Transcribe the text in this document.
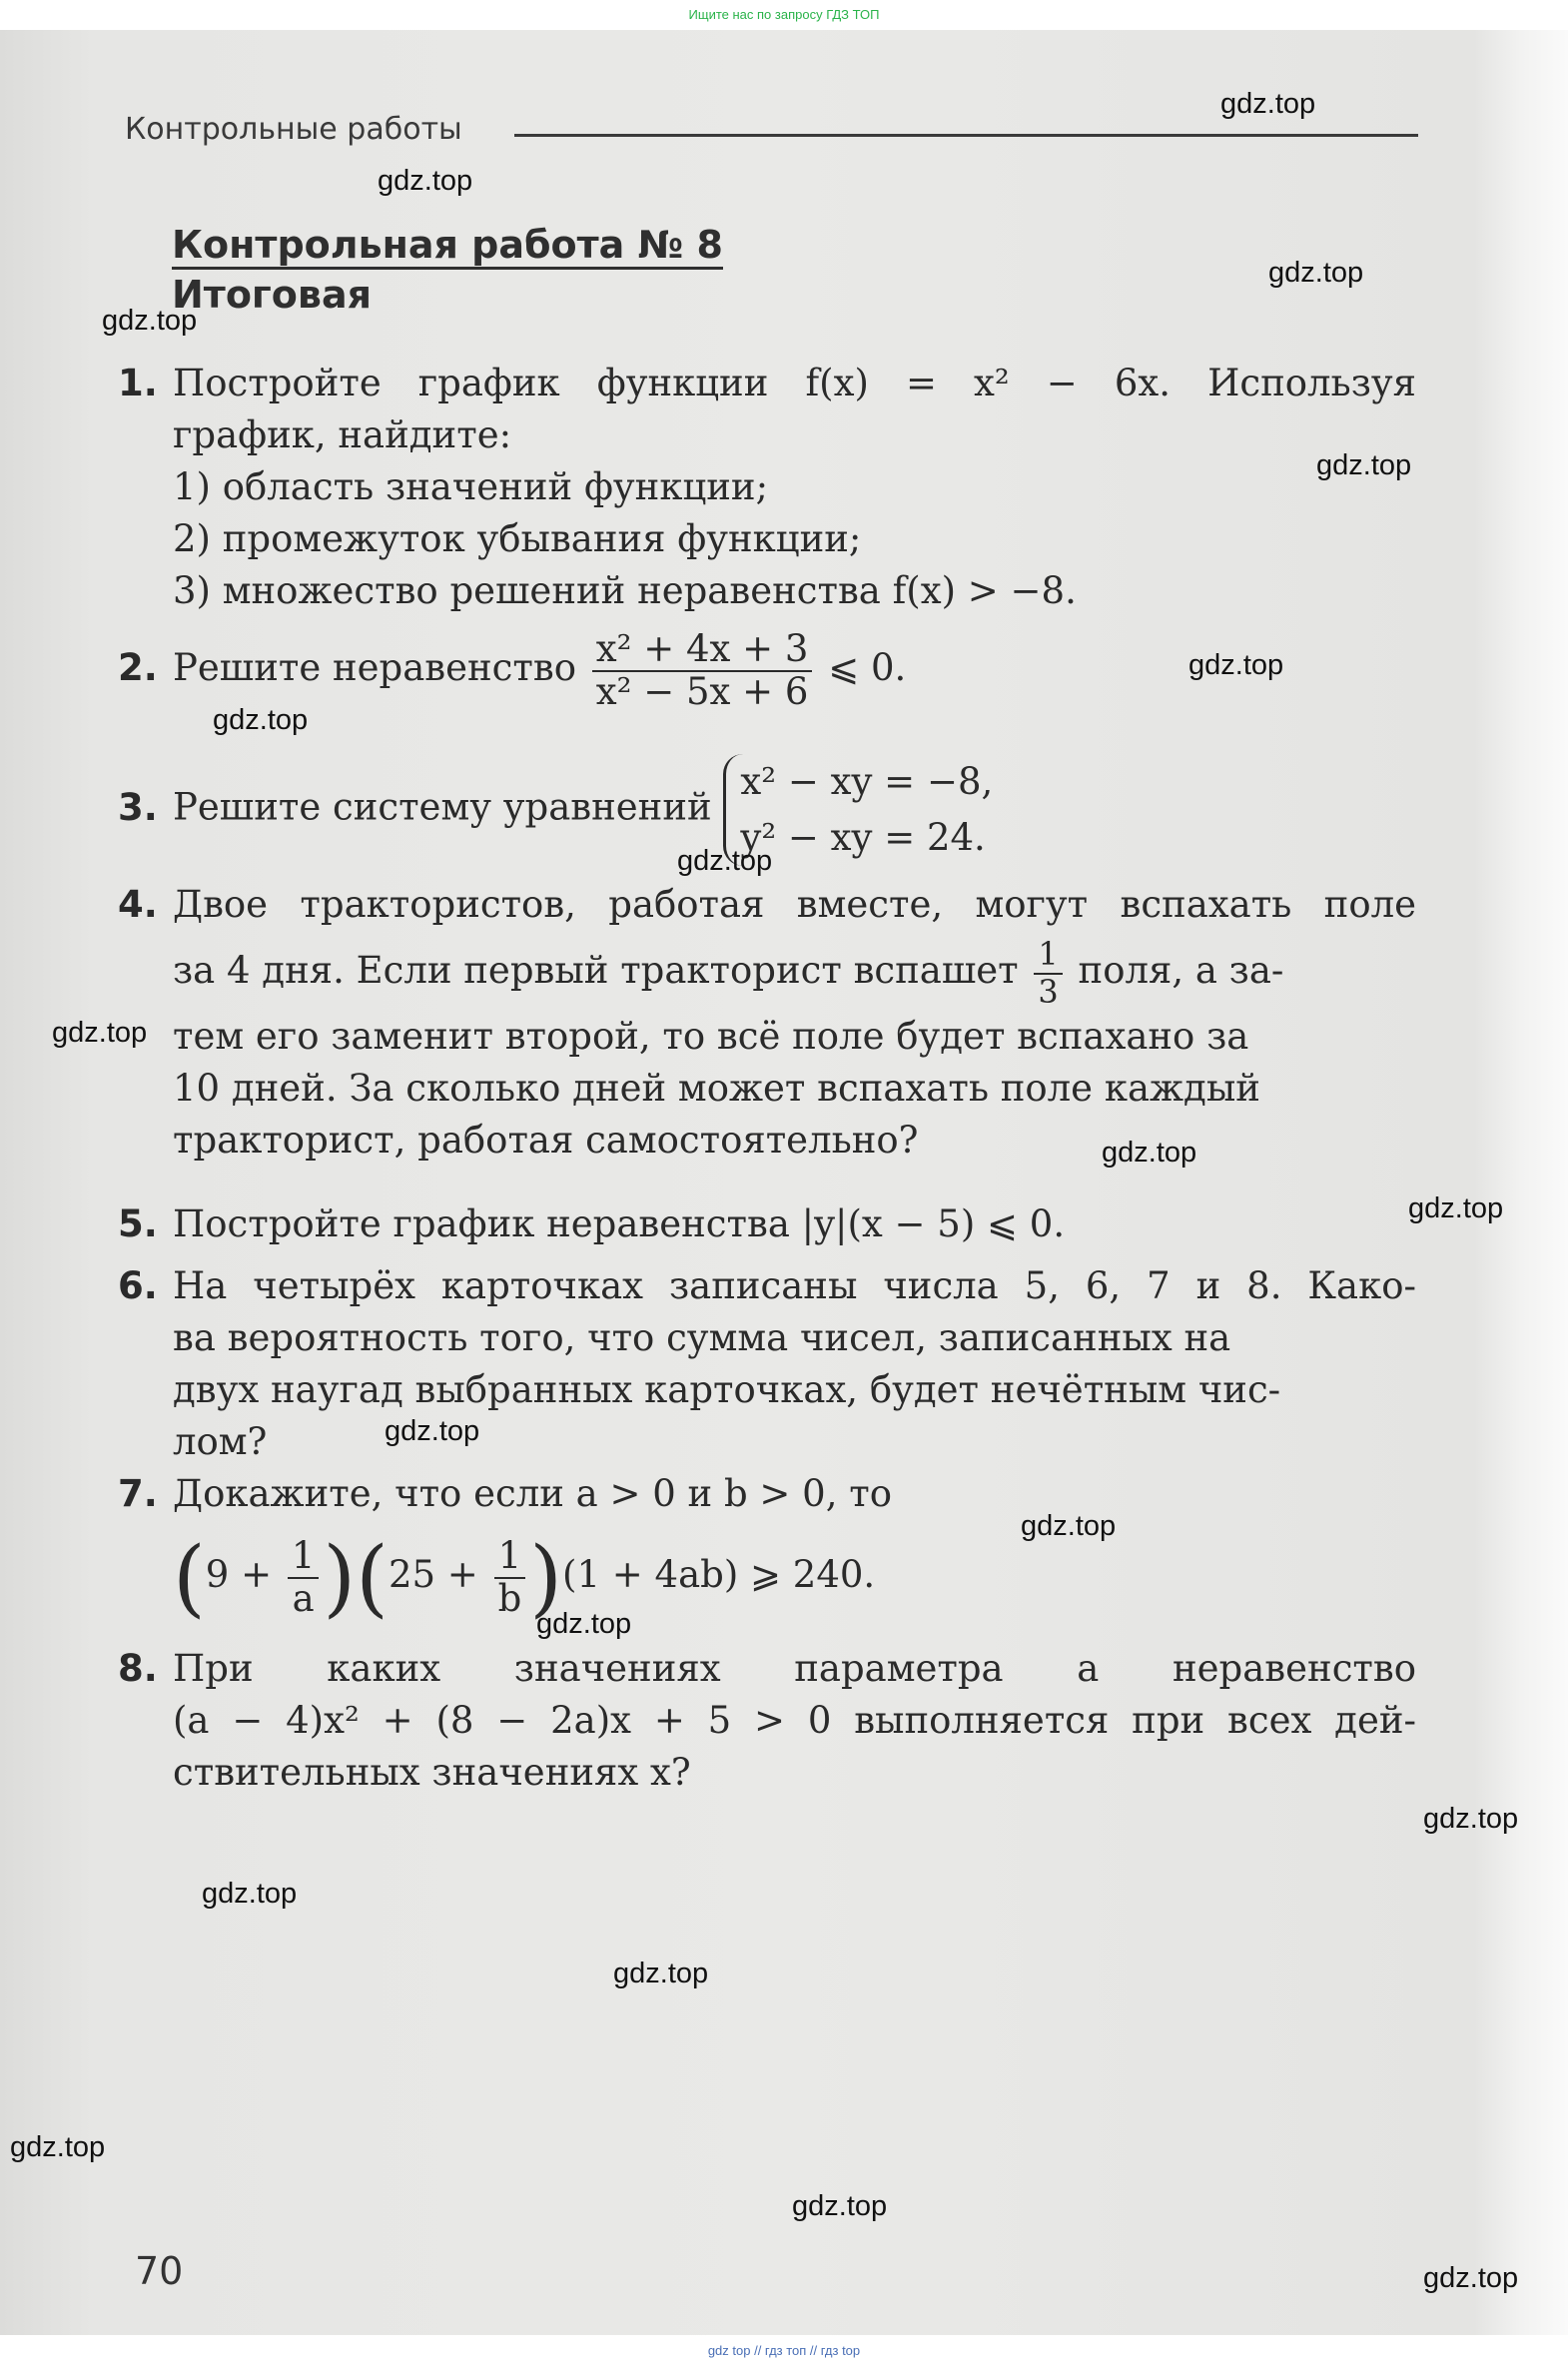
Ищите нас по запросу ГДЗ ТОП
Контрольные работы
Контрольная работа № 8
Итоговая
1. Постройте график функции f(x) = x² − 6x. Используя
график, найдите:
1) область значений функции;
2) промежуток убывания функции;
3) множество решений неравенства f(x) > −8.
2. Решите неравенство $\frac{\text{x² + 4x + 3}}{\text{x² − 5x + 6}}$ ⩽ 0.
3. Решите систему уравнений
x² − xy = −8,
y² − xy = 24.
4. Двое трактористов, работая вместе, могут вспахать поле
за 4 дня. Если первый тракторист вспашет $\frac{1}{3}$ поля, а за-
тем его заменит второй, то всё поле будет вспахано за
10 дней. За сколько дней может вспахать поле каждый
тракторист, работая самостоятельно?
5. Постройте график неравенства |y|(x − 5) ⩽ 0.
6. На четырёх карточках записаны числа 5, 6, 7 и 8. Како-
ва вероятность того, что сумма чисел, записанных на
двух наугад выбранных карточках, будет нечётным чис-
лом?
7. Докажите, что если a > 0 и b > 0, то
$(9 + \frac{1}{a} )(25 + \frac{1}{b} )(1 + 4ab)$ ⩾ 240.
8. При каких значениях параметра a неравенство
(a − 4)x² + (8 − 2a)x + 5 > 0 выполняется при всех дей-
ствительных значениях x?
70
gdz.top
gdz.top
gdz.top
gdz.top
gdz.top
gdz.top
gdz.top
gdz.top
gdz.top
gdz.top
gdz.top
gdz.top
gdz.top
gdz.top
gdz.top
gdz.top
gdz.top
gdz.top
gdz.top
gdz.top
gdz top // гдз топ // гдз top
